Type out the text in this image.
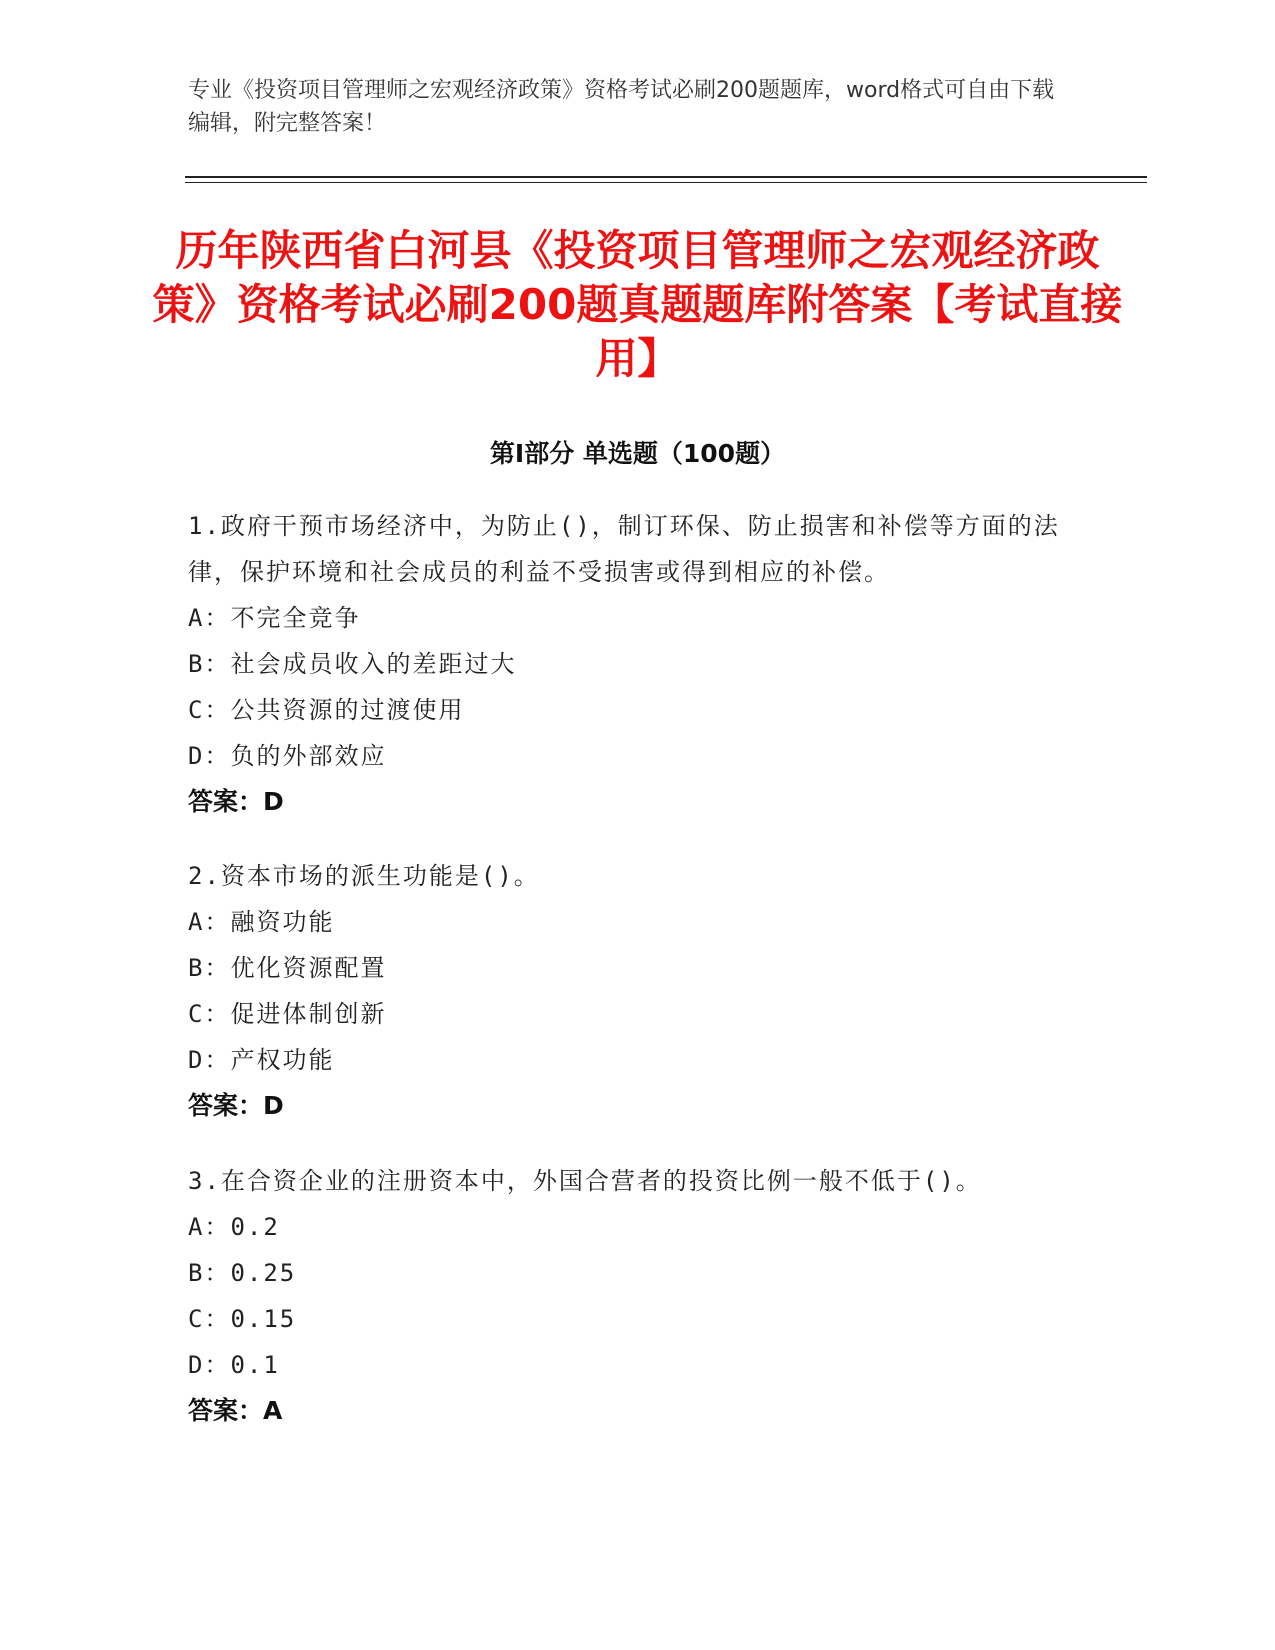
专业《投资项目管理师之宏观经济政策》资格考试必刷200题题库，word格式可自由下载编辑，附完整答案！
历年陕西省白河县《投资项目管理师之宏观经济政策》资格考试必刷200题真题题库附答案【考试直接用】
第I部分 单选题（100题）
1.政府干预市场经济中，为防止()，制订环保、防止损害和补偿等方面的法律，保护环境和社会成员的利益不受损害或得到相应的补偿。
A：不完全竞争
B：社会成员收入的差距过大
C：公共资源的过渡使用
D：负的外部效应
答案：D
2.资本市场的派生功能是()。
A：融资功能
B：优化资源配置
C：促进体制创新
D：产权功能
答案：D
3.在合资企业的注册资本中，外国合营者的投资比例一般不低于()。
A：0.2
B：0.25
C：0.15
D：0.1
答案：A
